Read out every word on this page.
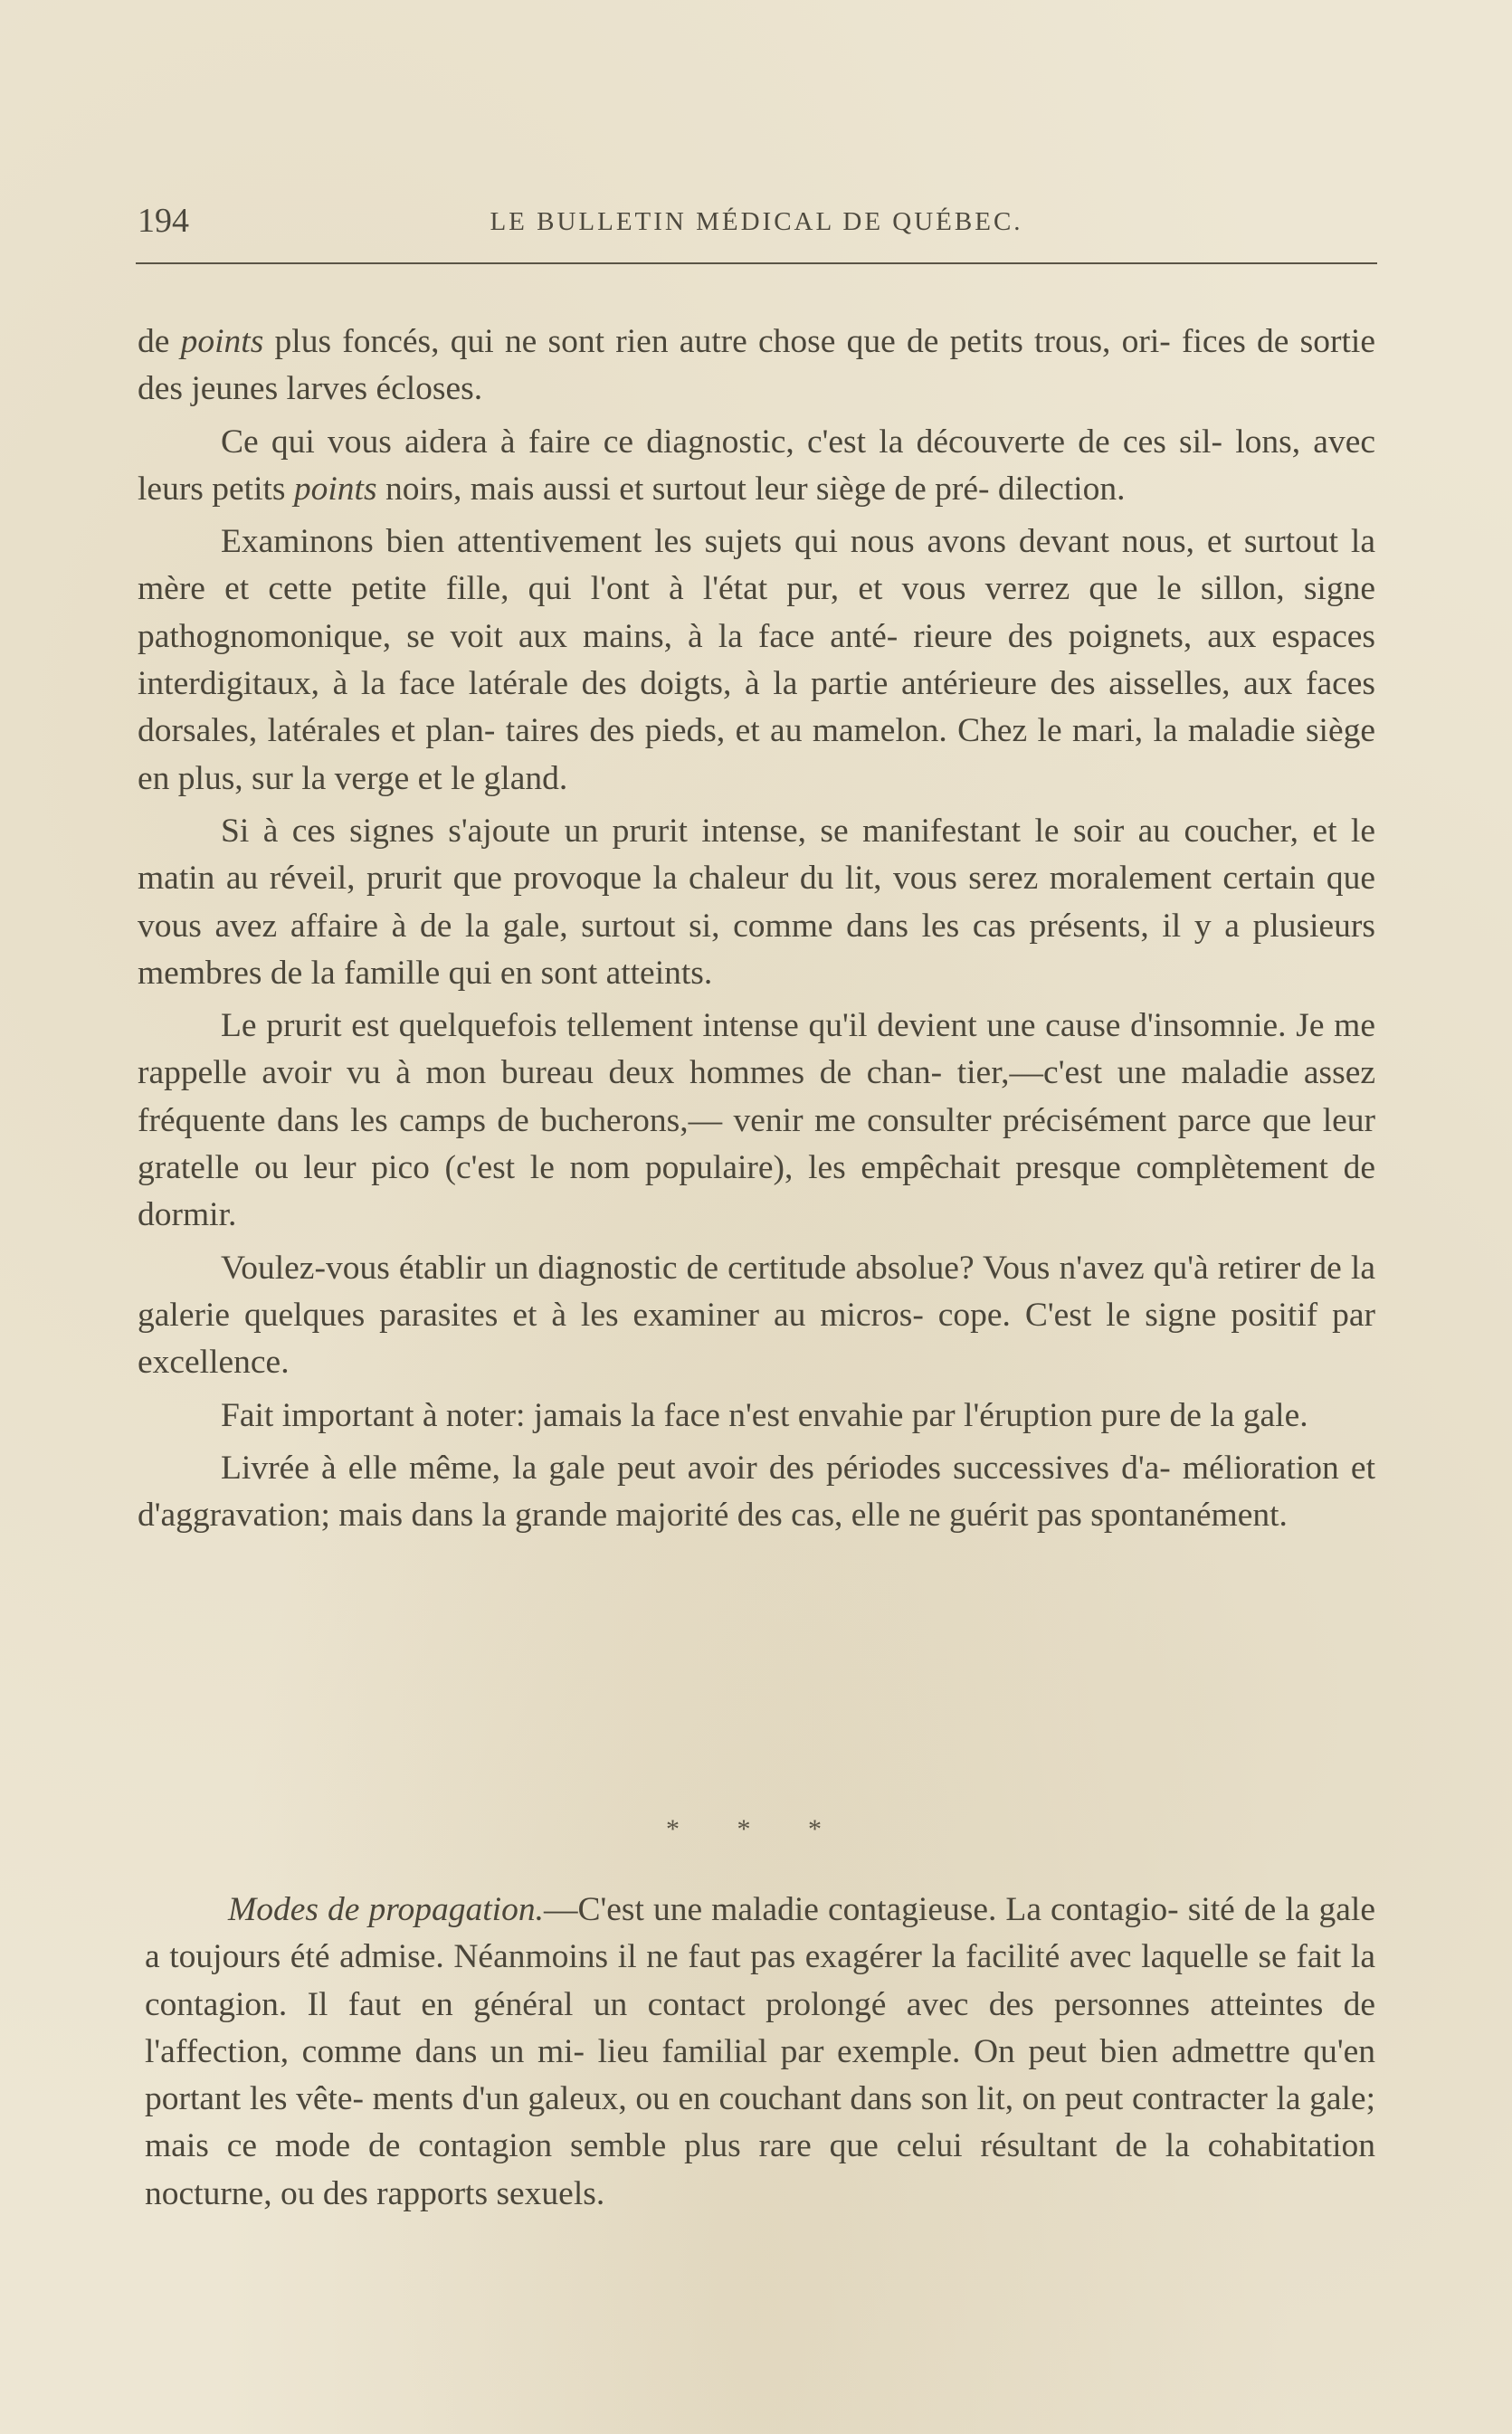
194	LE BULLETIN MÉDICAL DE QUÉBEC.

de points plus foncés, qui ne sont rien autre chose que de petits trous, ori- fices de sortie des jeunes larves écloses.

Ce qui vous aidera à faire ce diagnostic, c'est la découverte de ces sil- lons, avec leurs petits points noirs, mais aussi et surtout leur siège de pré- dilection.

Examinons bien attentivement les sujets qui nous avons devant nous, et surtout la mère et cette petite fille, qui l'ont à l'état pur, et vous verrez que le sillon, signe pathognomonique, se voit aux mains, à la face anté- rieure des poignets, aux espaces interdigitaux, à la face latérale des doigts, à la partie antérieure des aisselles, aux faces dorsales, latérales et plan- taires des pieds, et au mamelon. Chez le mari, la maladie siège en plus, sur la verge et le gland.

Si à ces signes s'ajoute un prurit intense, se manifestant le soir au coucher, et le matin au réveil, prurit que provoque la chaleur du lit, vous serez moralement certain que vous avez affaire à de la gale, surtout si, comme dans les cas présents, il y a plusieurs membres de la famille qui en sont atteints.

Le prurit est quelquefois tellement intense qu'il devient une cause d'insomnie. Je me rappelle avoir vu à mon bureau deux hommes de chan- tier,—c'est une maladie assez fréquente dans les camps de bucherons,— venir me consulter précisément parce que leur gratelle ou leur pico (c'est le nom populaire), les empêchait presque complètement de dormir.

Voulez-vous établir un diagnostic de certitude absolue? Vous n'avez qu'à retirer de la galerie quelques parasites et à les examiner au micros- cope. C'est le signe positif par excellence.

Fait important à noter: jamais la face n'est envahie par l'éruption pure de la gale.

Livrée à elle même, la gale peut avoir des périodes successives d'a- mélioration et d'aggravation; mais dans la grande majorité des cas, elle ne guérit pas spontanément.

* * *

Modes de propagation.—C'est une maladie contagieuse. La contagio- sité de la gale a toujours été admise. Néanmoins il ne faut pas exagérer la facilité avec laquelle se fait la contagion. Il faut en général un contact prolongé avec des personnes atteintes de l'affection, comme dans un mi- lieu familial par exemple. On peut bien admettre qu'en portant les vête- ments d'un galeux, ou en couchant dans son lit, on peut contracter la gale; mais ce mode de contagion semble plus rare que celui résultant de la cohabitation nocturne, ou des rapports sexuels.
